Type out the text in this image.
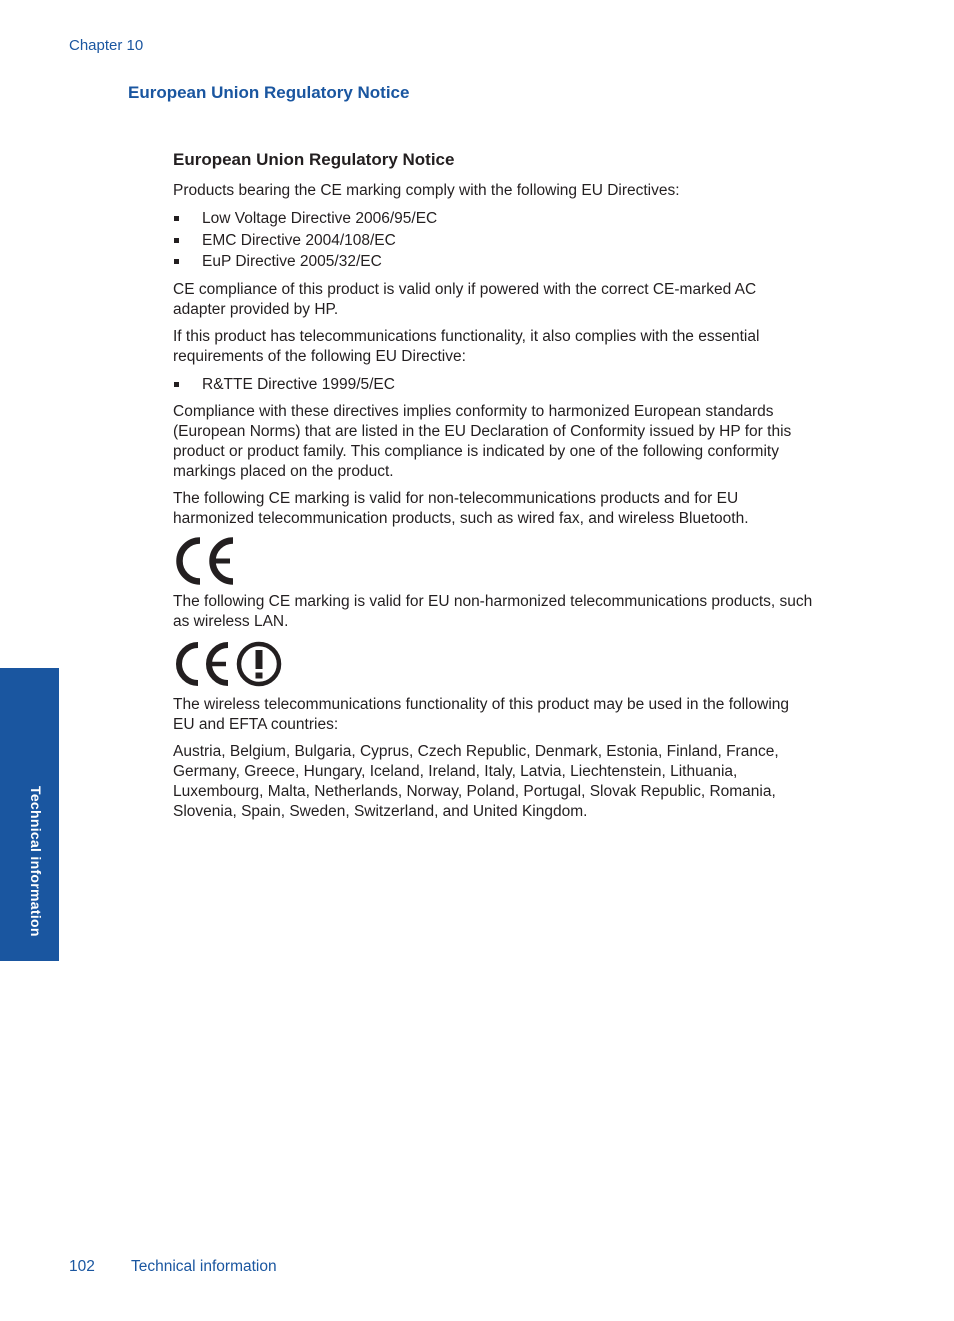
Chapter 10
European Union Regulatory Notice
European Union Regulatory Notice

Products bearing the CE marking comply with the following EU Directives:

Low Voltage Directive 2006/95/EC
EMC Directive 2004/108/EC
EuP Directive 2005/32/EC

CE compliance of this product is valid only if powered with the correct CE-marked AC adapter provided by HP.

If this product has telecommunications functionality, it also complies with the essential requirements of the following EU Directive:

R&TTE Directive 1999/5/EC

Compliance with these directives implies conformity to harmonized European standards (European Norms) that are listed in the EU Declaration of Conformity issued by HP for this product or product family. This compliance is indicated by one of the following conformity markings placed on the product.

The following CE marking is valid for non-telecommunications products and for EU harmonized telecommunication products, such as wired fax, and wireless Bluetooth.

The following CE marking is valid for EU non-harmonized telecommunications products, such as wireless LAN.

The wireless telecommunications functionality of this product may be used in the following EU and EFTA countries:

Austria, Belgium, Bulgaria, Cyprus, Czech Republic, Denmark, Estonia, Finland, France, Germany, Greece, Hungary, Iceland, Ireland, Italy, Latvia, Liechtenstein, Lithuania, Luxembourg, Malta, Netherlands, Norway, Poland, Portugal, Slovak Republic, Romania, Slovenia, Spain, Sweden, Switzerland, and United Kingdom.

Technical information
102 Technical information
